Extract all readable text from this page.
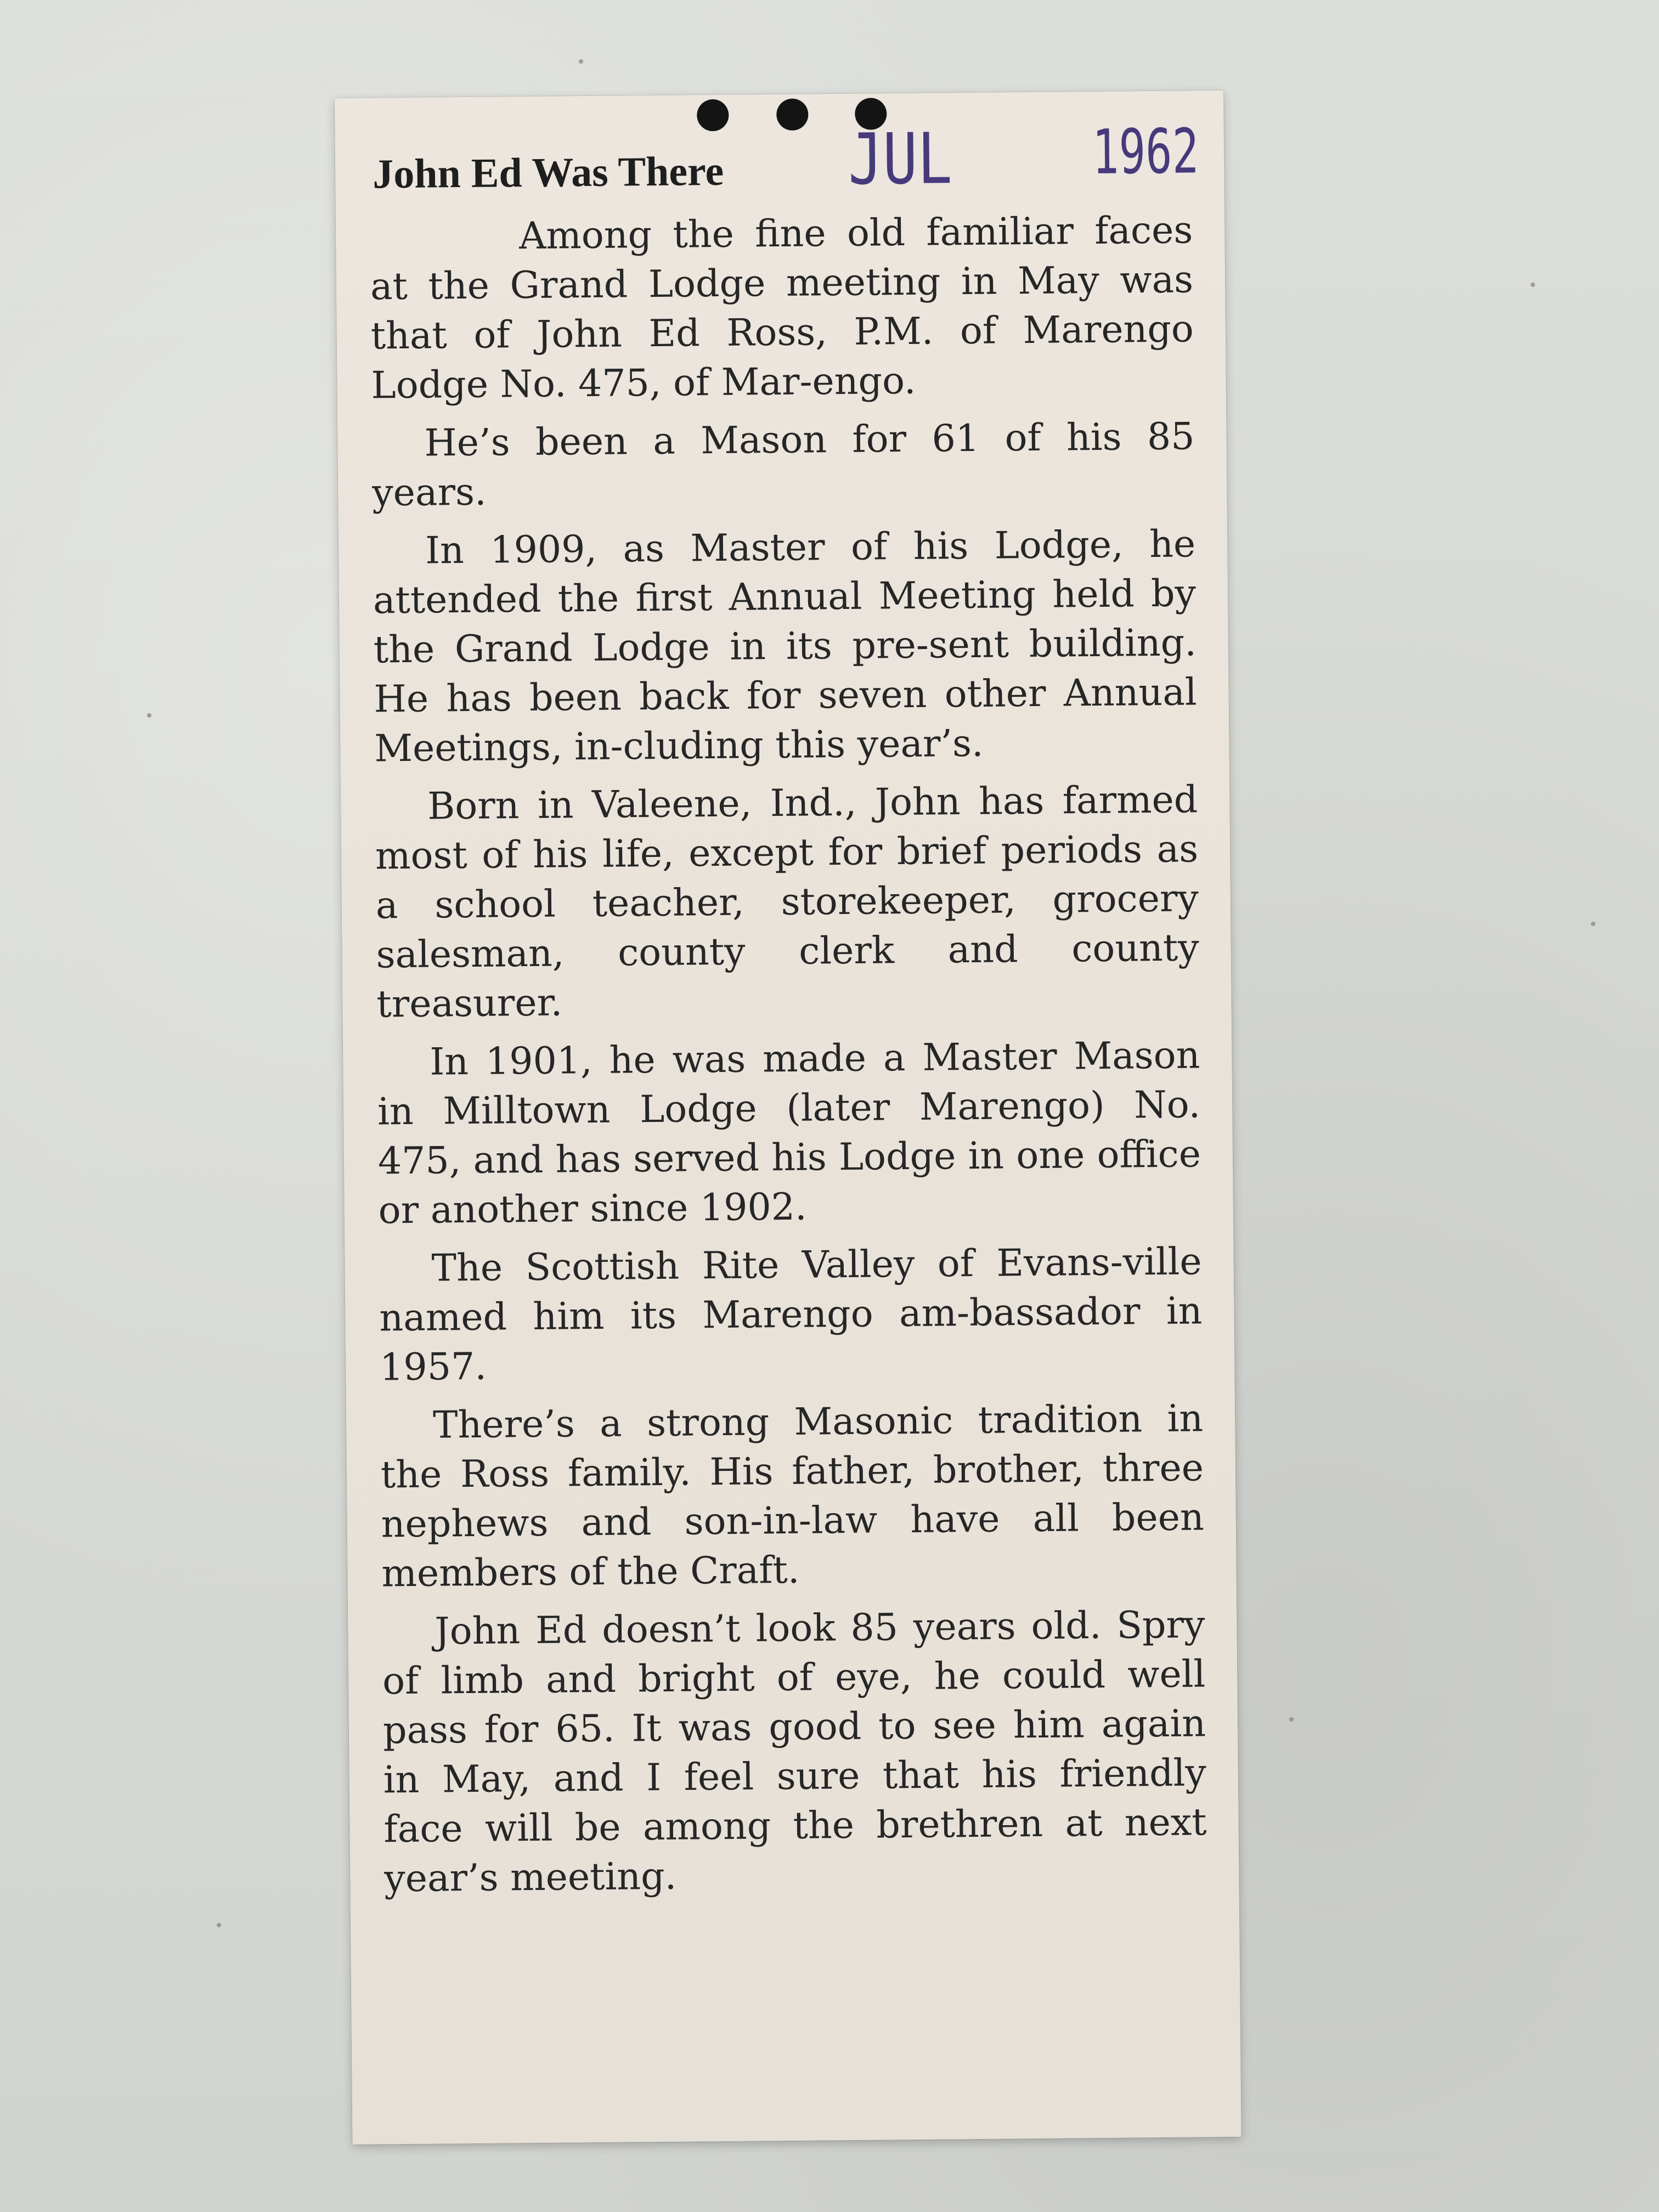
John Ed Was There JUL 1962

Among the fine old familiar faces at the Grand Lodge meeting in May was that of John Ed Ross, P.M. of Marengo Lodge No. 475, of Mar-engo.

He’s been a Mason for 61 of his 85 years.

In 1909, as Master of his Lodge, he attended the first Annual Meeting held by the Grand Lodge in its pre-sent building. He has been back for seven other Annual Meetings, in-cluding this year’s.

Born in Valeene, Ind., John has farmed most of his life, except for brief periods as a school teacher, storekeeper, grocery salesman, county clerk and county treasurer.

In 1901, he was made a Master Mason in Milltown Lodge (later Marengo) No. 475, and has served his Lodge in one office or another since 1902.

The Scottish Rite Valley of Evans-ville named him its Marengo am-bassador in 1957.

There’s a strong Masonic tradition in the Ross family. His father, brother, three nephews and son-in-law have all been members of the Craft.

John Ed doesn’t look 85 years old. Spry of limb and bright of eye, he could well pass for 65. It was good to see him again in May, and I feel sure that his friendly face will be among the brethren at next year’s meeting.
